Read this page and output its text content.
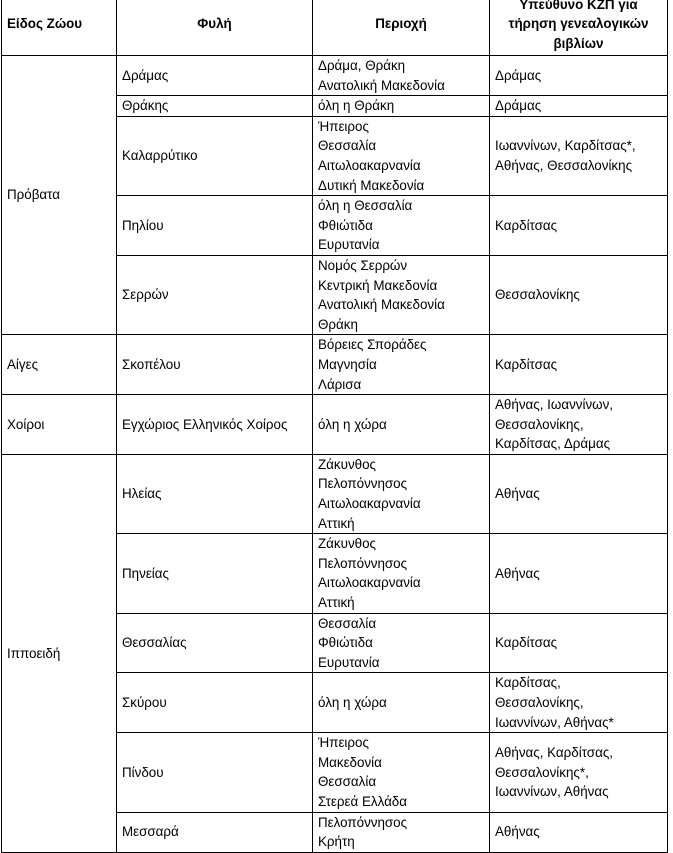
Είδος Ζώου	Φυλή	Περιοχή	Υπεύθυνο ΚΖΠ για
τήρηση γενεαλογικών
βιβλίων

Πρόβατα	Δράμας	Δράμα, Θράκη
Ανατολική Μακεδονία	Δράμας

	Θράκης	όλη η Θράκη	Δράμας

	Καλαρρύτικο	Ήπειρος
Θεσσαλία
Αιτωλοακαρνανία
Δυτική Μακεδονία	Ιωαννίνων, Καρδίτσας*,
Αθήνας, Θεσσαλονίκης

	Πηλίου	όλη η Θεσσαλία
Φθιώτιδα
Ευρυτανία	Καρδίτσας

	Σερρών	Νομός Σερρών
Κεντρική Μακεδονία
Ανατολική Μακεδονία
Θράκη	Θεσσαλονίκης

Αίγες	Σκοπέλου	Βόρειες Σποράδες
Μαγνησία
Λάρισα	Καρδίτσας

Χοίροι	Εγχώριος Ελληνικός Χοίρος	όλη η χώρα	Αθήνας, Ιωαννίνων,
Θεσσαλονίκης,
Καρδίτσας, Δράμας

Ιπποειδή	Ηλείας	Ζάκυνθος
Πελοπόννησος
Αιτωλοακαρνανία
Αττική	Αθήνας

	Πηνείας	Ζάκυνθος
Πελοπόννησος
Αιτωλοακαρνανία
Αττική	Αθήνας

	Θεσσαλίας	Θεσσαλία
Φθιώτιδα
Ευρυτανία	Καρδίτσας

	Σκύρου	όλη η χώρα	Καρδίτσας,
Θεσσαλονίκης,
Ιωαννίνων, Αθήνας*

	Πίνδου	Ήπειρος
Μακεδονία
Θεσσαλία
Στερεά Ελλάδα	Αθήνας, Καρδίτσας,
Θεσσαλονίκης*,
Ιωαννίνων, Αθήνας

	Μεσσαρά	Πελοπόννησος
Κρήτη	Αθήνας
